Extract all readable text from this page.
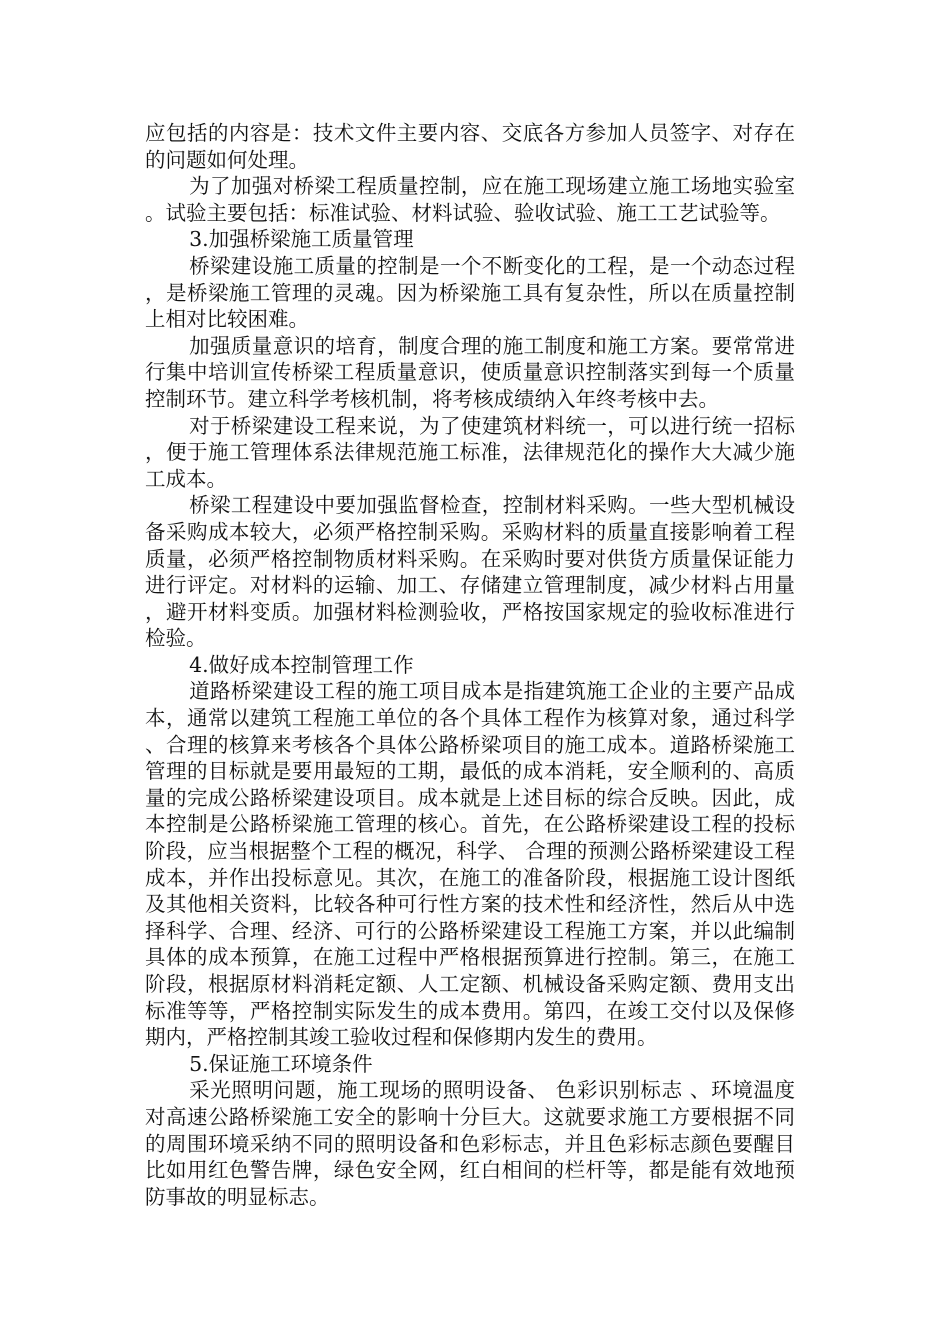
应包括的内容是：技术文件主要内容、交底各方参加人员签字、对存在的问题如何处理。

为了加强对桥梁工程质量控制，应在施工现场建立施工场地实验室。试验主要包括：标准试验、材料试验、验收试验、施工工艺试验等。

3.加强桥梁施工质量管理

桥梁建设施工质量的控制是一个不断变化的工程，是一个动态过程，是桥梁施工管理的灵魂。因为桥梁施工具有复杂性，所以在质量控制上相对比较困难。

加强质量意识的培育，制度合理的施工制度和施工方案。要常常进行集中培训宣传桥梁工程质量意识，使质量意识控制落实到每一个质量控制环节。建立科学考核机制，将考核成绩纳入年终考核中去。

对于桥梁建设工程来说，为了使建筑材料统一，可以进行统一招标，便于施工管理体系法律规范施工标准，法律规范化的操作大大减少施工成本。

桥梁工程建设中要加强监督检查，控制材料采购。一些大型机械设备采购成本较大，必须严格控制采购。采购材料的质量直接影响着工程质量，必须严格控制物质材料采购。在采购时要对供货方质量保证能力进行评定。对材料的运输、加工、存储建立管理制度，减少材料占用量，避开材料变质。加强材料检测验收，严格按国家规定的验收标准进行检验。

4.做好成本控制管理工作

道路桥梁建设工程的施工项目成本是指建筑施工企业的主要产品成本，通常以建筑工程施工单位的各个具体工程作为核算对象，通过科学、合理的核算来考核各个具体公路桥梁项目的施工成本。道路桥梁施工管理的目标就是要用最短的工期，最低的成本消耗，安全顺利的、高质量的完成公路桥梁建设项目。成本就是上述目标的综合反映。因此，成本控制是公路桥梁施工管理的核心。首先，在公路桥梁建设工程的投标阶段，应当根据整个工程的概况，科学、 合理的预测公路桥梁建设工程成本，并作出投标意见。其次，在施工的准备阶段，根据施工设计图纸及其他相关资料，比较各种可行性方案的技术性和经济性，然后从中选择科学、合理、经济、可行的公路桥梁建设工程施工方案，并以此编制具体的成本预算，在施工过程中严格根据预算进行控制。第三，在施工阶段，根据原材料消耗定额、人工定额、机械设备采购定额、费用支出标准等等，严格控制实际发生的成本费用。第四，在竣工交付以及保修期内，严格控制其竣工验收过程和保修期内发生的费用。

5.保证施工环境条件

采光照明问题，施工现场的照明设备、 色彩识别标志 、环境温度对高速公路桥梁施工安全的影响十分巨大。这就要求施工方要根据不同的周围环境采纳不同的照明设备和色彩标志，并且色彩标志颜色要醒目比如用红色警告牌，绿色安全网，红白相间的栏杆等，都是能有效地预防事故的明显标志。
